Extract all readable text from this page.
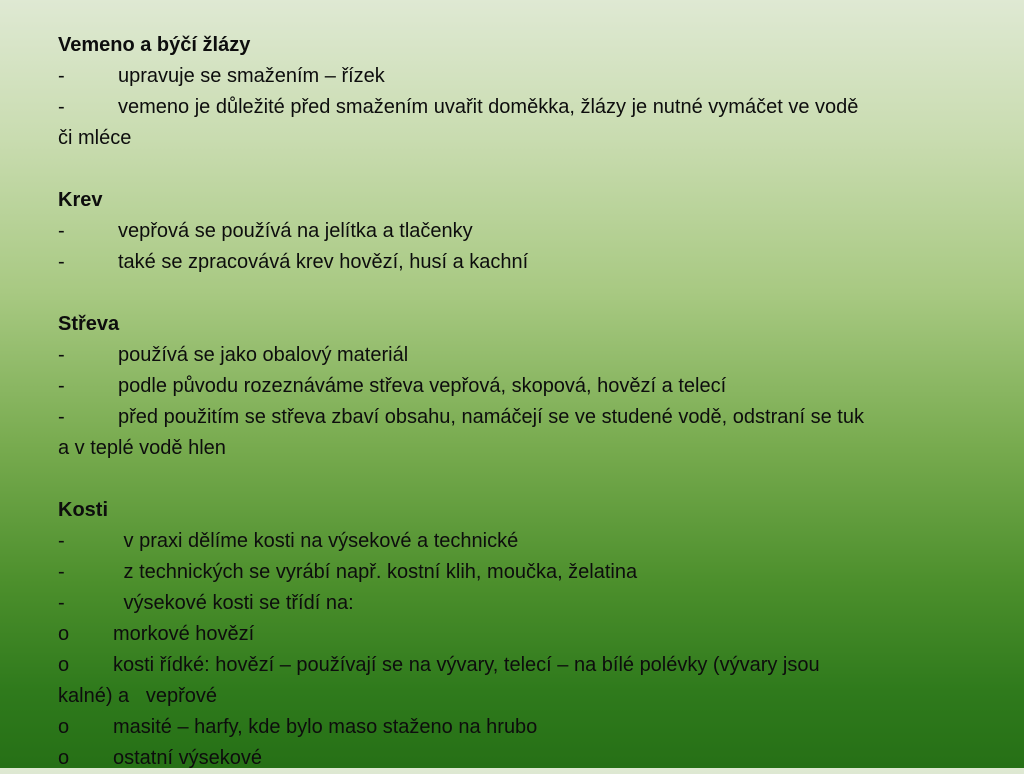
Vemeno a býčí žlázy
-	upravuje se smažením – řízek
-	vemeno je důležité před smažením uvařit doměkka, žlázy je nutné vymáčet ve vodě
či mléce
Krev
-	vepřová se používá na jelítka a tlačenky
-	také se zpracovává krev hovězí, husí a kachní
Střeva
-	používá se jako obalový materiál
-	podle původu rozeznáváme střeva vepřová, skopová, hovězí a telecí
-	před použitím se střeva zbaví obsahu, namáčejí se ve studené vodě, odstraní se tuk
a v teplé vodě hlen
Kosti
-	v praxi dělíme kosti na výsekové a technické
-	z technických se vyrábí např. kostní klih, moučka, želatina
-	výsekové kosti se třídí na:
o morkové hovězí
o kosti řídké: hovězí – používají se na vývary, telecí – na bílé polévky (vývary jsou
kalné) a   vepřové
o masité – harfy, kde bylo maso staženo na hrubo
o ostatní výsekové
